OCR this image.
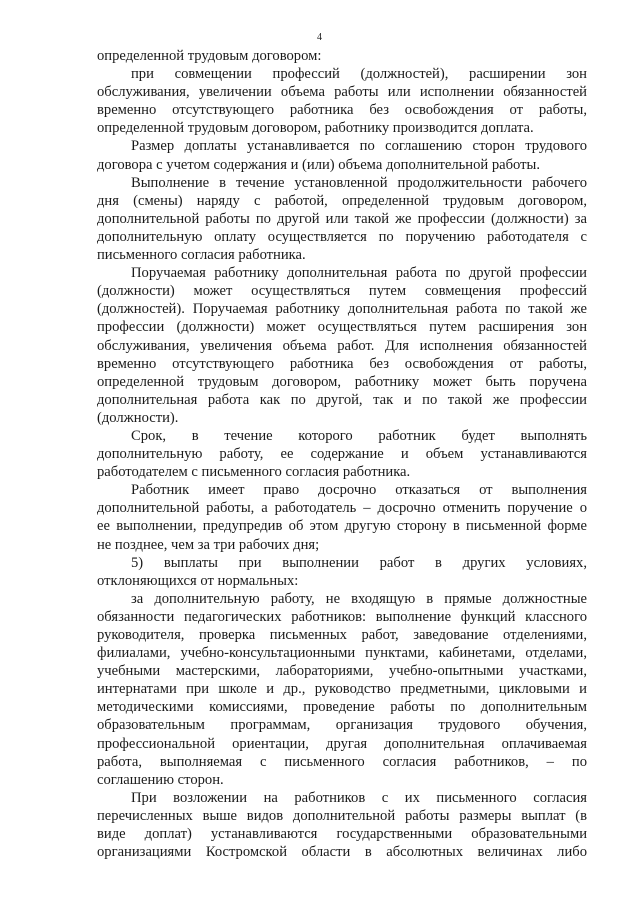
4
определенной трудовым договором:
при совмещении профессий (должностей), расширении зон
обслуживания, увеличении объема работы или исполнении обязанностей
временно отсутствующего работника без освобождения от работы,
определенной трудовым договором, работнику производится доплата.
Размер доплаты устанавливается по соглашению сторон трудового
договора с учетом содержания и (или) объема дополнительной работы.
Выполнение в течение установленной продолжительности рабочего
дня (смены) наряду с работой, определенной трудовым договором,
дополнительной работы по другой или такой же профессии (должности) за
дополнительную оплату осуществляется по поручению работодателя с
письменного согласия работника.
Поручаемая работнику дополнительная работа по другой профессии
(должности) может осуществляться путем совмещения профессий
(должностей). Поручаемая работнику дополнительная работа по такой же
профессии (должности) может осуществляться путем расширения зон
обслуживания, увеличения объема работ. Для исполнения обязанностей
временно отсутствующего работника без освобождения от работы,
определенной трудовым договором, работнику может быть поручена
дополнительная работа как по другой, так и по такой же профессии
(должности).
Срок, в течение которого работник будет выполнять
дополнительную работу, ее содержание и объем устанавливаются
работодателем с письменного согласия работника.
Работник имеет право досрочно отказаться от выполнения
дополнительной работы, а работодатель – досрочно отменить поручение о
ее выполнении, предупредив об этом другую сторону в письменной форме
не позднее, чем за три рабочих дня;
5) выплаты при выполнении работ в других условиях,
отклоняющихся от нормальных:
за дополнительную работу, не входящую в прямые должностные
обязанности педагогических работников: выполнение функций классного
руководителя, проверка письменных работ, заведование отделениями,
филиалами, учебно-консультационными пунктами, кабинетами, отделами,
учебными мастерскими, лабораториями, учебно-опытными участками,
интернатами при школе и др., руководство предметными, цикловыми и
методическими комиссиями, проведение работы по дополнительным
образовательным программам, организация трудового обучения,
профессиональной ориентации, другая дополнительная оплачиваемая
работа, выполняемая с письменного согласия работников, – по
соглашению сторон.
При возложении на работников с их письменного согласия
перечисленных выше видов дополнительной работы размеры выплат (в
виде доплат) устанавливаются государственными образовательными
организациями Костромской области в абсолютных величинах либо
